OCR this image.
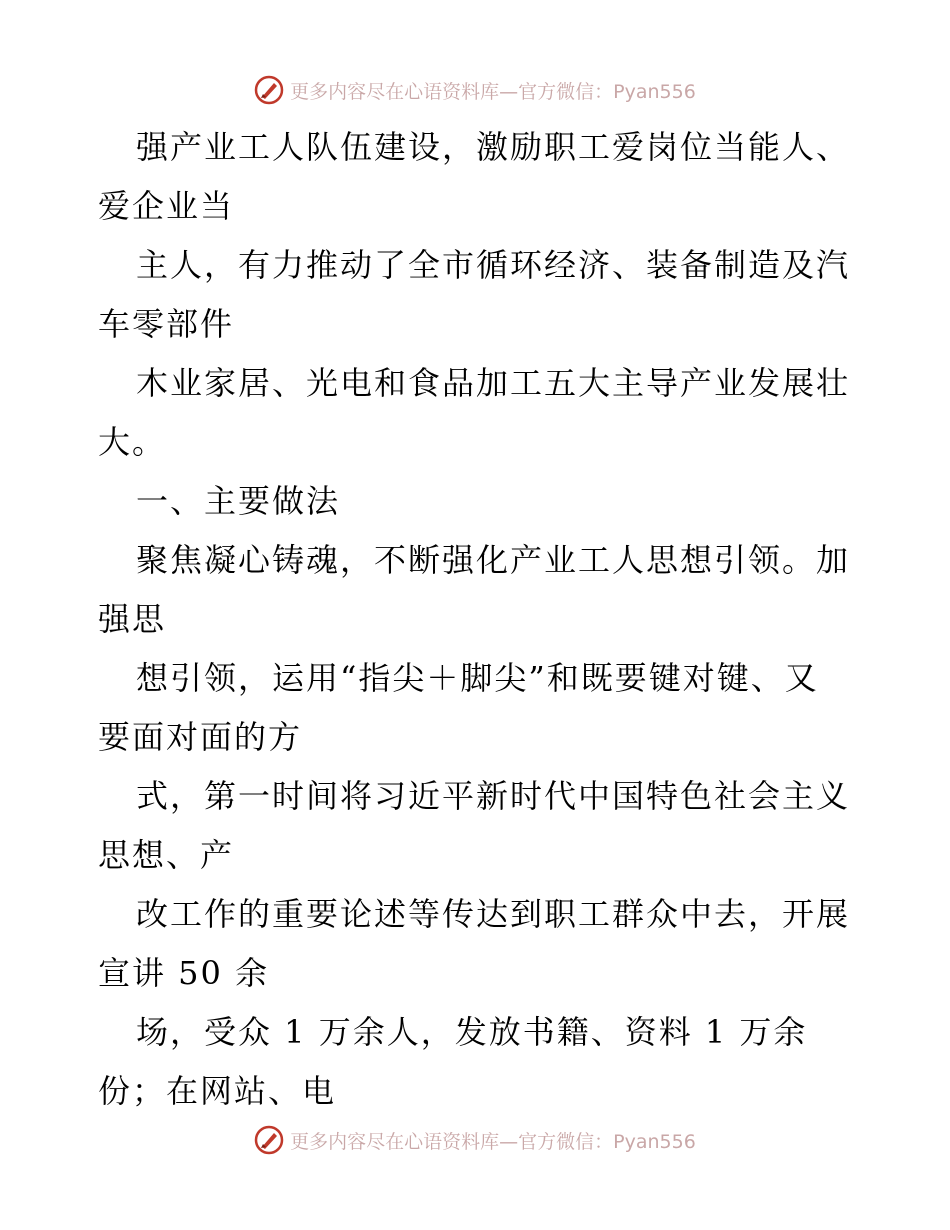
更多内容尽在心语资料库—官方微信：Pyan556
强产业工人队伍建设，激励职工爱岗位当能人、
爱企业当
主人，有力推动了全市循环经济、装备制造及汽
车零部件
木业家居、光电和食品加工五大主导产业发展壮
大。
一、主要做法
聚焦凝心铸魂，不断强化产业工人思想引领。加
强思
想引领，运用“指尖＋脚尖”和既要键对键、又
要面对面的方
式，第一时间将习近平新时代中国特色社会主义
思想、产
改工作的重要论述等传达到职工群众中去，开展
宣讲 50 余
场，受众 1 万余人，发放书籍、资料 1 万余
份；在网站、电
更多内容尽在心语资料库—官方微信：Pyan556
